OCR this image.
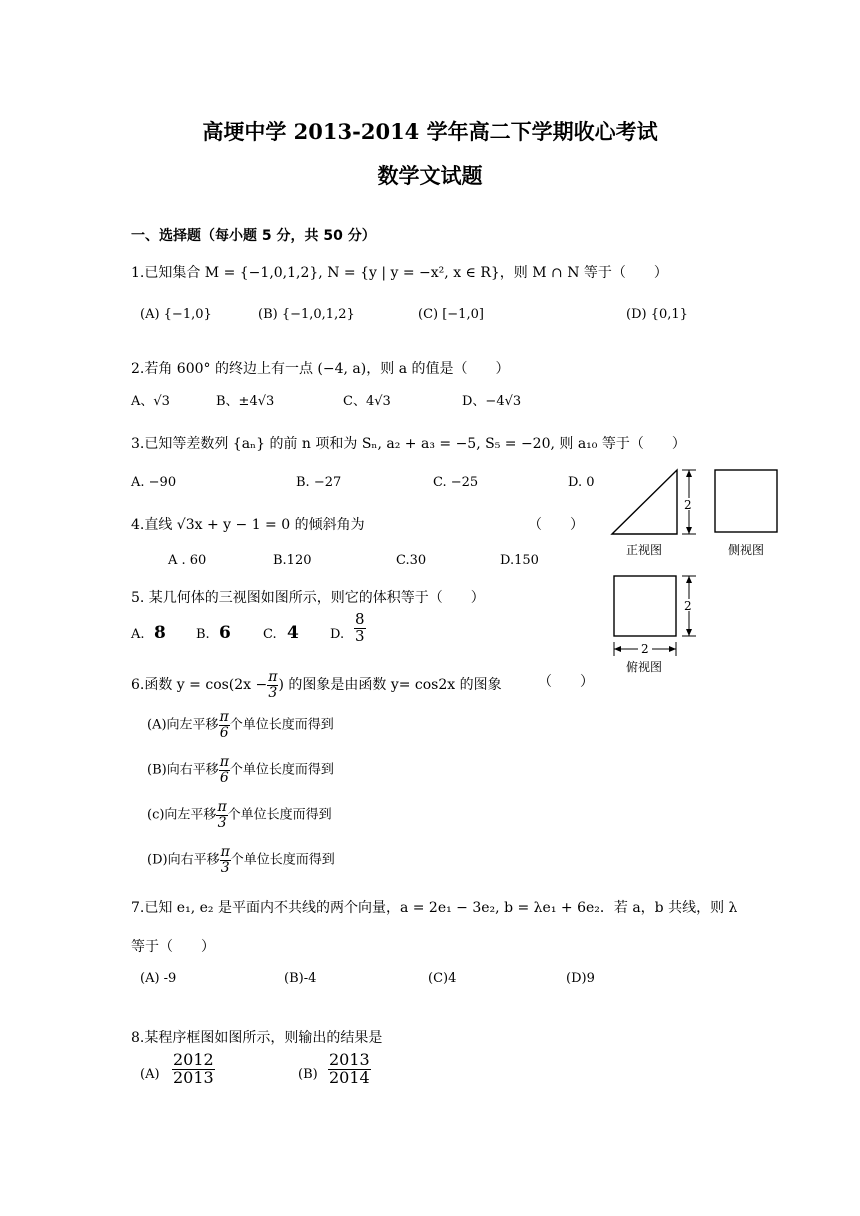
高埂中学 2013-2014 学年高二下学期收心考试
数学文试题
一、选择题（每小题 5 分，共 50 分）
1.已知集合 M = {−1,0,1,2}, N = {y | y = −x², x ∈ R}，则 M ∩ N 等于（　　）
(A) {−1,0}	(B) {−1,0,1,2}	(C) [−1,0]	(D) {0,1}
2.若角 600° 的终边上有一点 (−4, a)，则 a 的值是（　　）
A、√3	B、±4√3	C、4√3	D、−4√3
3.已知等差数列 {aₙ} 的前 n 项和为 Sₙ, a₂ + a₃ = −5, S₅ = −20, 则 a₁₀ 等于（　　）
A. −90	B. −27	C. −25	D. 0
4.直线 √3x + y − 1 = 0 的倾斜角为	（　　）
A . 60	B.120	C.30	D.150
5. 某几何体的三视图如图所示，则它的体积等于（　　）
A. 8 B. 6 C. 4 D. $\frac{8}{3}$
6.函数 $y = \cos(2x - \frac{\pi}{3}$ ) 的图象是由函数 y= cos2x 的图象	（　　）
(A)向左平移 $\frac{\pi}{6}$ 个单位长度而得到
(B)向右平移 $\frac{\pi}{6}$ 个单位长度而得到
(c)向左平移 $\frac{\pi}{3}$ 个单位长度而得到
(D)向右平移 $\frac{\pi}{3}$ 个单位长度而得到
7.已知 e₁, e₂ 是平面内不共线的两个向量，a = 2e₁ − 3e₂, b = λe₁ + 6e₂．若 a，b 共线，则 λ
等于（　　）
(A) -9	(B)-4	(C)4	(D)9
8.某程序框图如图所示，则输出的结果是
$(A) \frac{2012}{2013}$	$(B) \frac{2013}{2014}$
2
正视图	侧视图
2
2
俯视图
